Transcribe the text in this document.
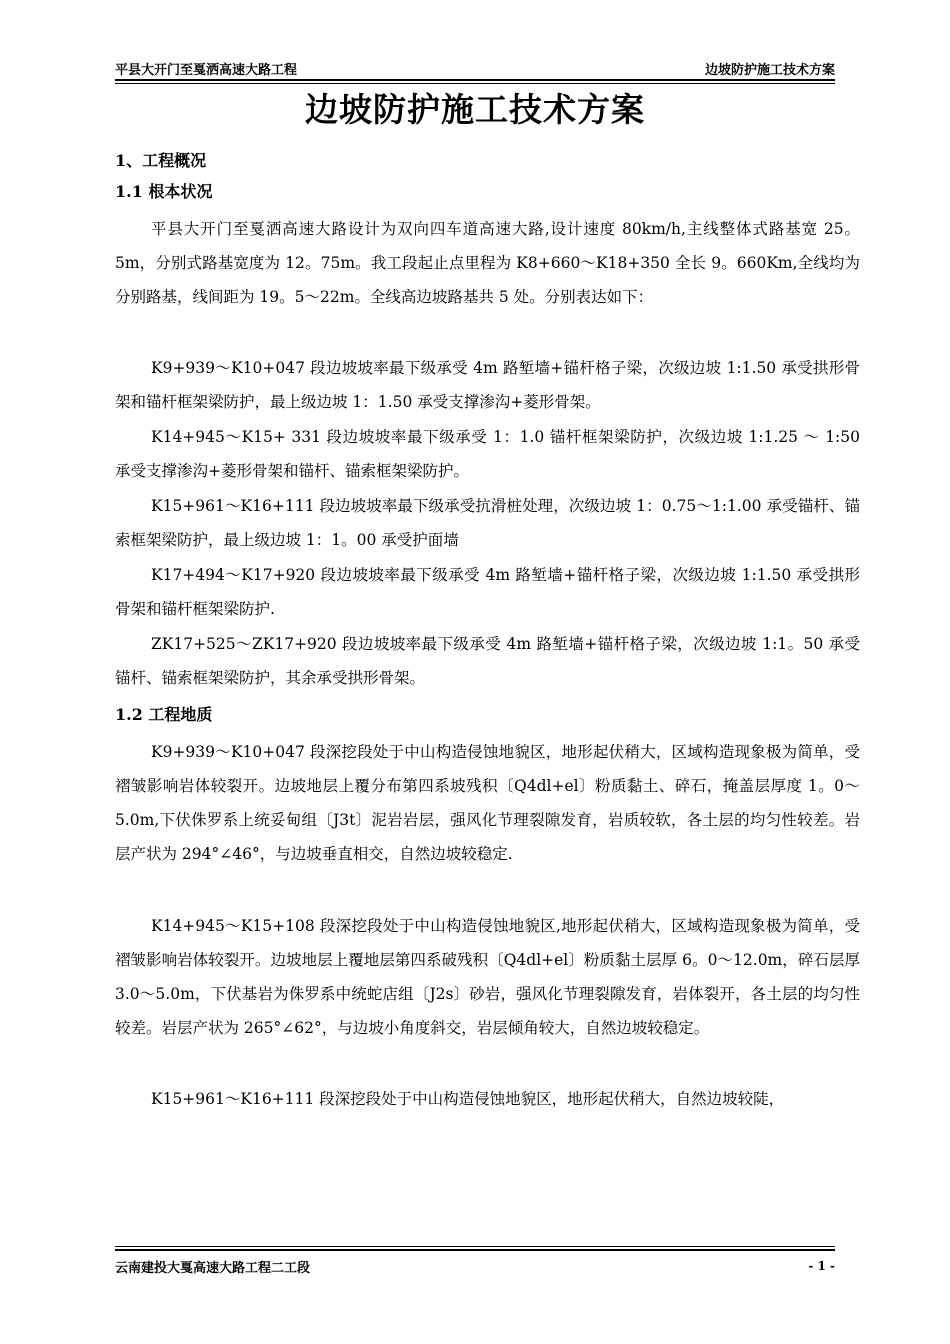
平县大开门至戛洒高速大路工程	边坡防护施工技术方案
边坡防护施工技术方案
1、工程概况
1.1 根本状况

平县大开门至戛洒高速大路设计为双向四车道高速大路,设计速度 80km/h,主线整体式路基宽 25。5m，分别式路基宽度为 12。75m。我工段起止点里程为 K8+660～K18+350 全长 9。660Km,全线均为分别路基，线间距为 19。5～22m。全线高边坡路基共 5 处。分别表达如下：

K9+939～K10+047 段边坡坡率最下级承受 4m 路堑墙+锚杆格子梁，次级边坡 1:1.50 承受拱形骨架和锚杆框架梁防护，最上级边坡 1：1.50 承受支撑渗沟+菱形骨架。

K14+945～K15+ 331 段边坡坡率最下级承受 1：1.0 锚杆框架梁防护，次级边坡 1:1.25 ～ 1:50 承受支撑渗沟+菱形骨架和锚杆、锚索框架梁防护。

K15+961～K16+111 段边坡坡率最下级承受抗滑桩处理，次级边坡 1：0.75～1:1.00 承受锚杆、锚索框架梁防护，最上级边坡 1：1。00 承受护面墙

K17+494～K17+920 段边坡坡率最下级承受 4m 路堑墙+锚杆格子梁，次级边坡 1:1.50 承受拱形骨架和锚杆框架梁防护.

ZK17+525～ZK17+920 段边坡坡率最下级承受 4m 路堑墙+锚杆格子梁，次级边坡 1:1。50 承受锚杆、锚索框架梁防护，其余承受拱形骨架。

1.2 工程地质

K9+939～K10+047 段深挖段处于中山构造侵蚀地貌区，地形起伏稍大，区域构造现象极为简单，受褶皱影响岩体较裂开。边坡地层上覆分布第四系坡残积〔Q4dl+el〕粉质黏土、碎石，掩盖层厚度 1。0～5.0m,下伏侏罗系上统妥甸组〔J3t〕泥岩岩层，强风化节理裂隙发育，岩质较软，各土层的均匀性较差。岩层产状为 294°∠46°，与边坡垂直相交，自然边坡较稳定.

K14+945～K15+108 段深挖段处于中山构造侵蚀地貌区,地形起伏稍大，区域构造现象极为简单，受褶皱影响岩体较裂开。边坡地层上覆地层第四系破残积〔Q4dl+el〕粉质黏土层厚 6。0～12.0m，碎石层厚 3.0～5.0m，下伏基岩为侏罗系中统蛇店组〔J2s〕砂岩，强风化节理裂隙发育，岩体裂开，各土层的均匀性较差。岩层产状为 265°∠62°，与边坡小角度斜交，岩层倾角较大，自然边坡较稳定。

K15+961～K16+111 段深挖段处于中山构造侵蚀地貌区，地形起伏稍大，自然边坡较陡，

云南建投大戛高速大路工程二工段	- 1 -
